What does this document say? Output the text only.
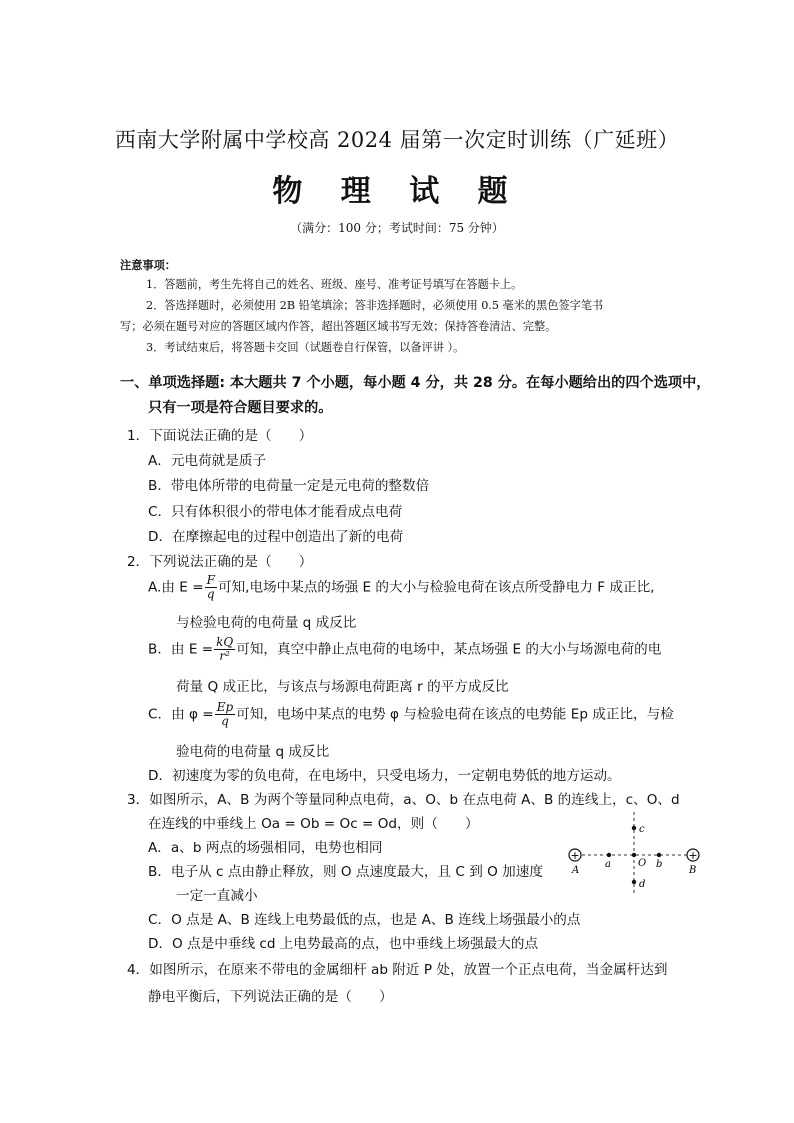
西南大学附属中学校高 2024 届第一次定时训练（广延班）
物 理 试 题
（满分：100 分；考试时间：75 分钟）
注意事项：
1．答题前，考生先将自己的姓名、班级、座号、准考证号填写在答题卡上。
2．答选择题时，必须使用 2B 铅笔填涂；答非选择题时，必须使用 0.5 毫米的黑色签字笔书
写；必须在题号对应的答题区域内作答，超出答题区域书写无效；保持答卷清洁、完整。
3．考试结束后，将答题卡交回（试题卷自行保管，以备评讲 ）。
一、单项选择题: 本大题共 7 个小题，每小题 4 分，共 28 分。在每小题给出的四个选项中，
只有一项是符合题目要求的。
1．下面说法正确的是（　　）
A．元电荷就是质子
B．带电体所带的电荷量一定是元电荷的整数倍
C．只有体积很小的带电体才能看成点电荷
D．在摩擦起电的过程中创造出了新的电荷
2．下列说法正确的是（　　）
A.由 $E = \frac{F}{q}$ 可知,电场中某点的场强 E 的大小与检验电荷在该点所受静电力 F 成正比,
与检验电荷的电荷量 q 成反比
B．由 $E = \frac{kQ}{\text{r²}}$ 可知，真空中静止点电荷的电场中，某点场强 E 的大小与场源电荷的电
荷量 Q 成正比，与该点与场源电荷距离 r 的平方成反比
C．由 $\varphi = \frac{Ep}{q}$ 可知，电场中某点的电势 φ 与检验电荷在该点的电势能 Ep 成正比，与检
验电荷的电荷量 q 成反比
D．初速度为零的负电荷，在电场中，只受电场力，一定朝电势低的地方运动。
3．如图所示，A、B 为两个等量同种点电荷，a、O、b 在点电荷 A、B 的连线上，c、O、d
在连线的中垂线上 Oa = Ob = Oc = Od，则（　　）
A．a、b 两点的场强相同，电势也相同
B．电子从 c 点由静止释放，则 O 点速度最大，且 C 到 O 加速度
一定一直减小
C．O 点是 A、B 连线上电势最低的点，也是 A、B 连线上场强最小的点
D．O 点是中垂线 cd 上电势最高的点，也中垂线上场强最大的点
+	+
A	B
a	O b
c
d
4．如图所示，在原来不带电的金属细杆 ab 附近 P 处，放置一个正点电荷，当金属杆达到
静电平衡后，下列说法正确的是（　　）
